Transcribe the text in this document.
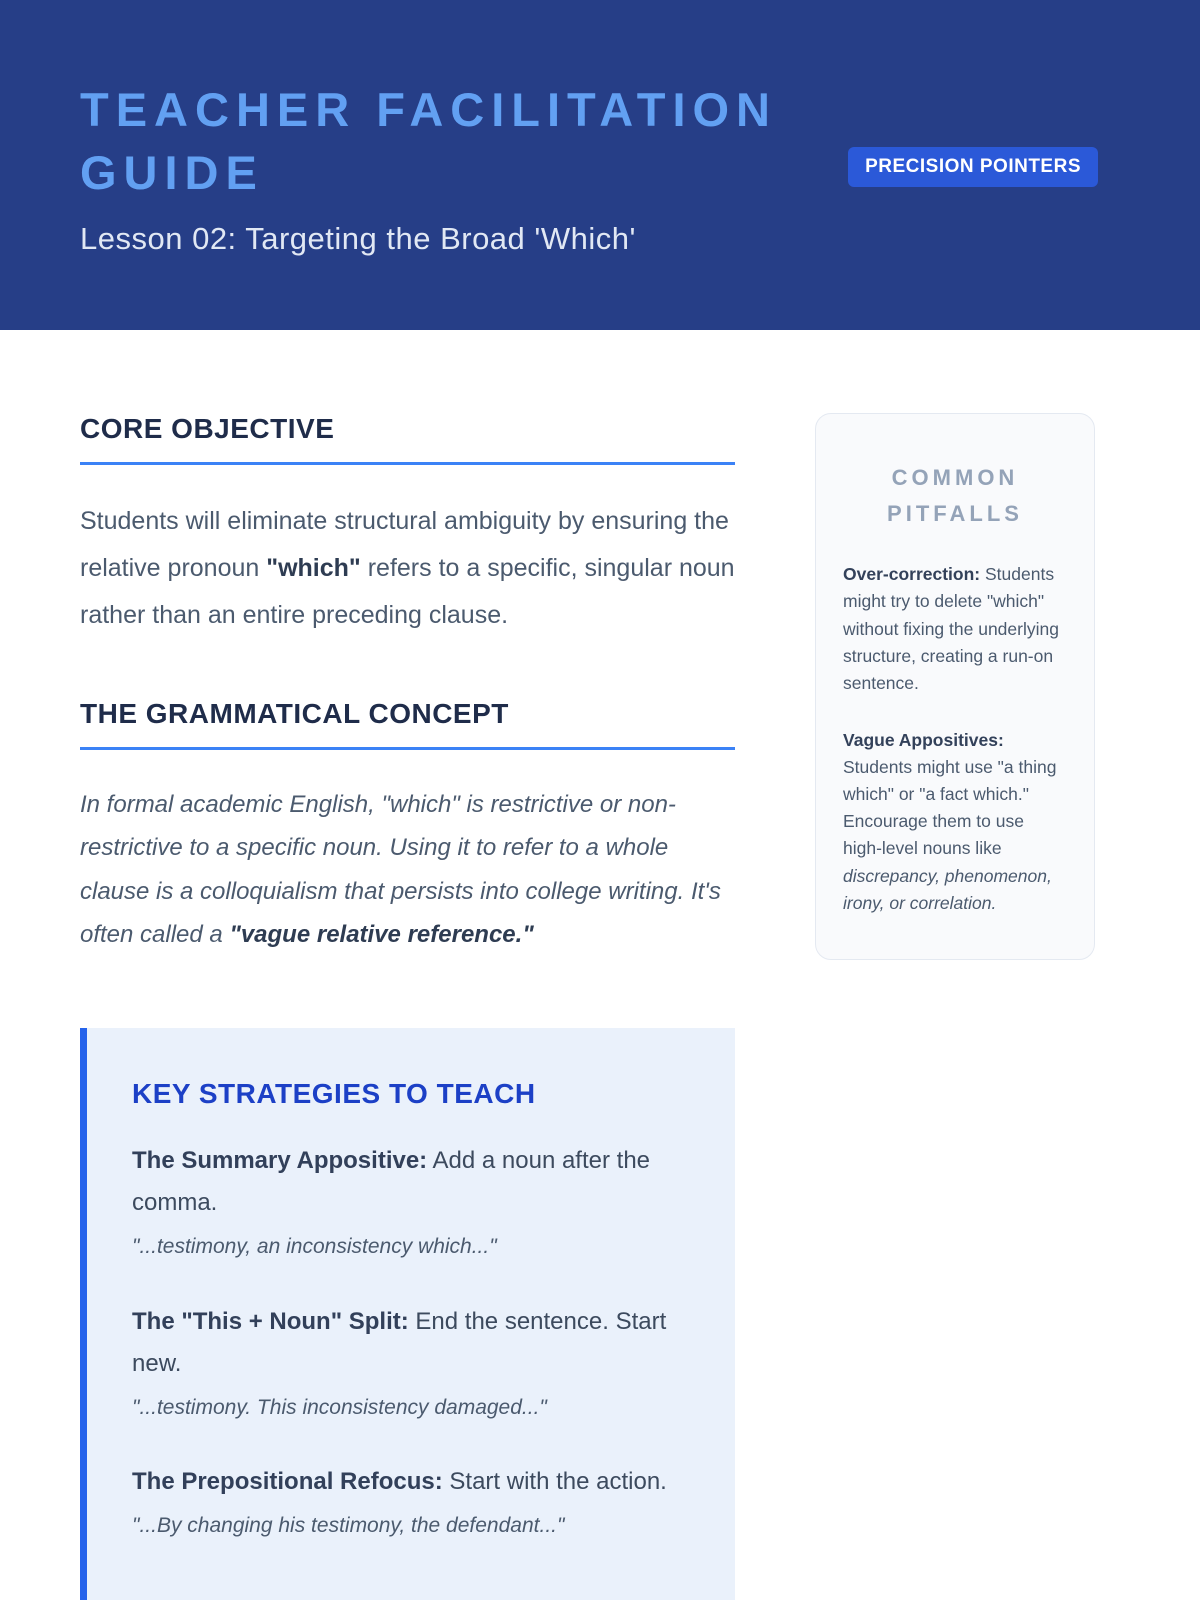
TEACHER FACILITATION
GUIDE

Lesson 02: Targeting the Broad 'Which'

PRECISION POINTERS
CORE OBJECTIVE

Students will eliminate structural ambiguity by ensuring the relative pronoun "which" refers to a specific, singular noun rather than an entire preceding clause.

THE GRAMMATICAL CONCEPT

In formal academic English, "which" is restrictive or non-restrictive to a specific noun. Using it to refer to a whole clause is a colloquialism that persists into college writing. It's often called a "vague relative reference."

KEY STRATEGIES TO TEACH

The Summary Appositive: Add a noun after the comma.

"...testimony, an inconsistency which..."

The "This + Noun" Split: End the sentence. Start new.

"...testimony. This inconsistency damaged..."

The Prepositional Refocus: Start with the action.

"...By changing his testimony, the defendant..."

COMMON PITFALLS

Over-correction: Students might try to delete "which" without fixing the underlying structure, creating a run-on sentence.

Vague Appositives: Students might use "a thing which" or "a fact which." Encourage them to use high-level nouns like discrepancy, phenomenon, irony, or correlation.
